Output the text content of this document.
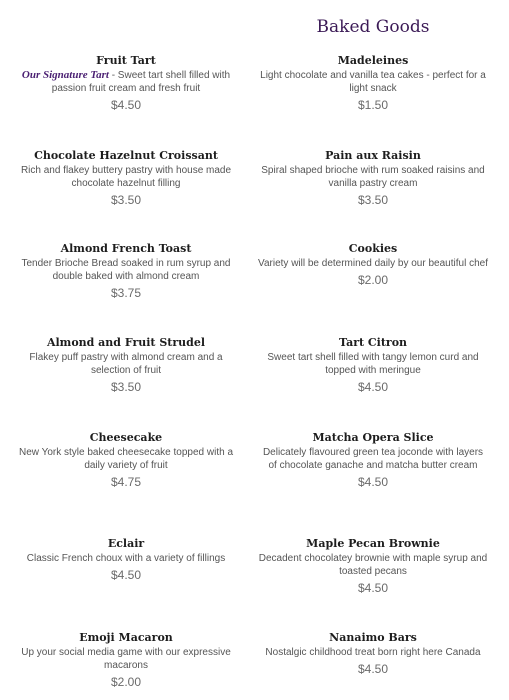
Baked Goods
Fruit Tart
Our Signature Tart - Sweet tart shell filled with passion fruit cream and fresh fruit
$4.50
Chocolate Hazelnut Croissant
Rich and flakey buttery pastry with house made chocolate hazelnut filling
$3.50
Almond French Toast
Tender Brioche Bread soaked in rum syrup and double baked with almond cream
$3.75
Almond and Fruit Strudel
Flakey puff pastry with almond cream and a selection of fruit
$3.50
Cheesecake
New York style baked cheesecake topped with a daily variety of fruit
$4.75
Eclair
Classic French choux with a variety of fillings
$4.50
Emoji Macaron
Up your social media game with our expressive macarons
$2.00
Madeleines
Light chocolate and vanilla tea cakes - perfect for a light snack
$1.50
Pain aux Raisin
Spiral shaped brioche with rum soaked raisins and vanilla pastry cream
$3.50
Cookies
Variety will be determined daily by our beautiful chef
$2.00
Tart Citron
Sweet tart shell filled with tangy lemon curd and topped with meringue
$4.50
Matcha Opera Slice
Delicately flavoured green tea joconde with layers of chocolate ganache and matcha butter cream
$4.50
Maple Pecan Brownie
Decadent chocolatey brownie with maple syrup and toasted pecans
$4.50
Nanaimo Bars
Nostalgic childhood treat born right here Canada
$4.50
